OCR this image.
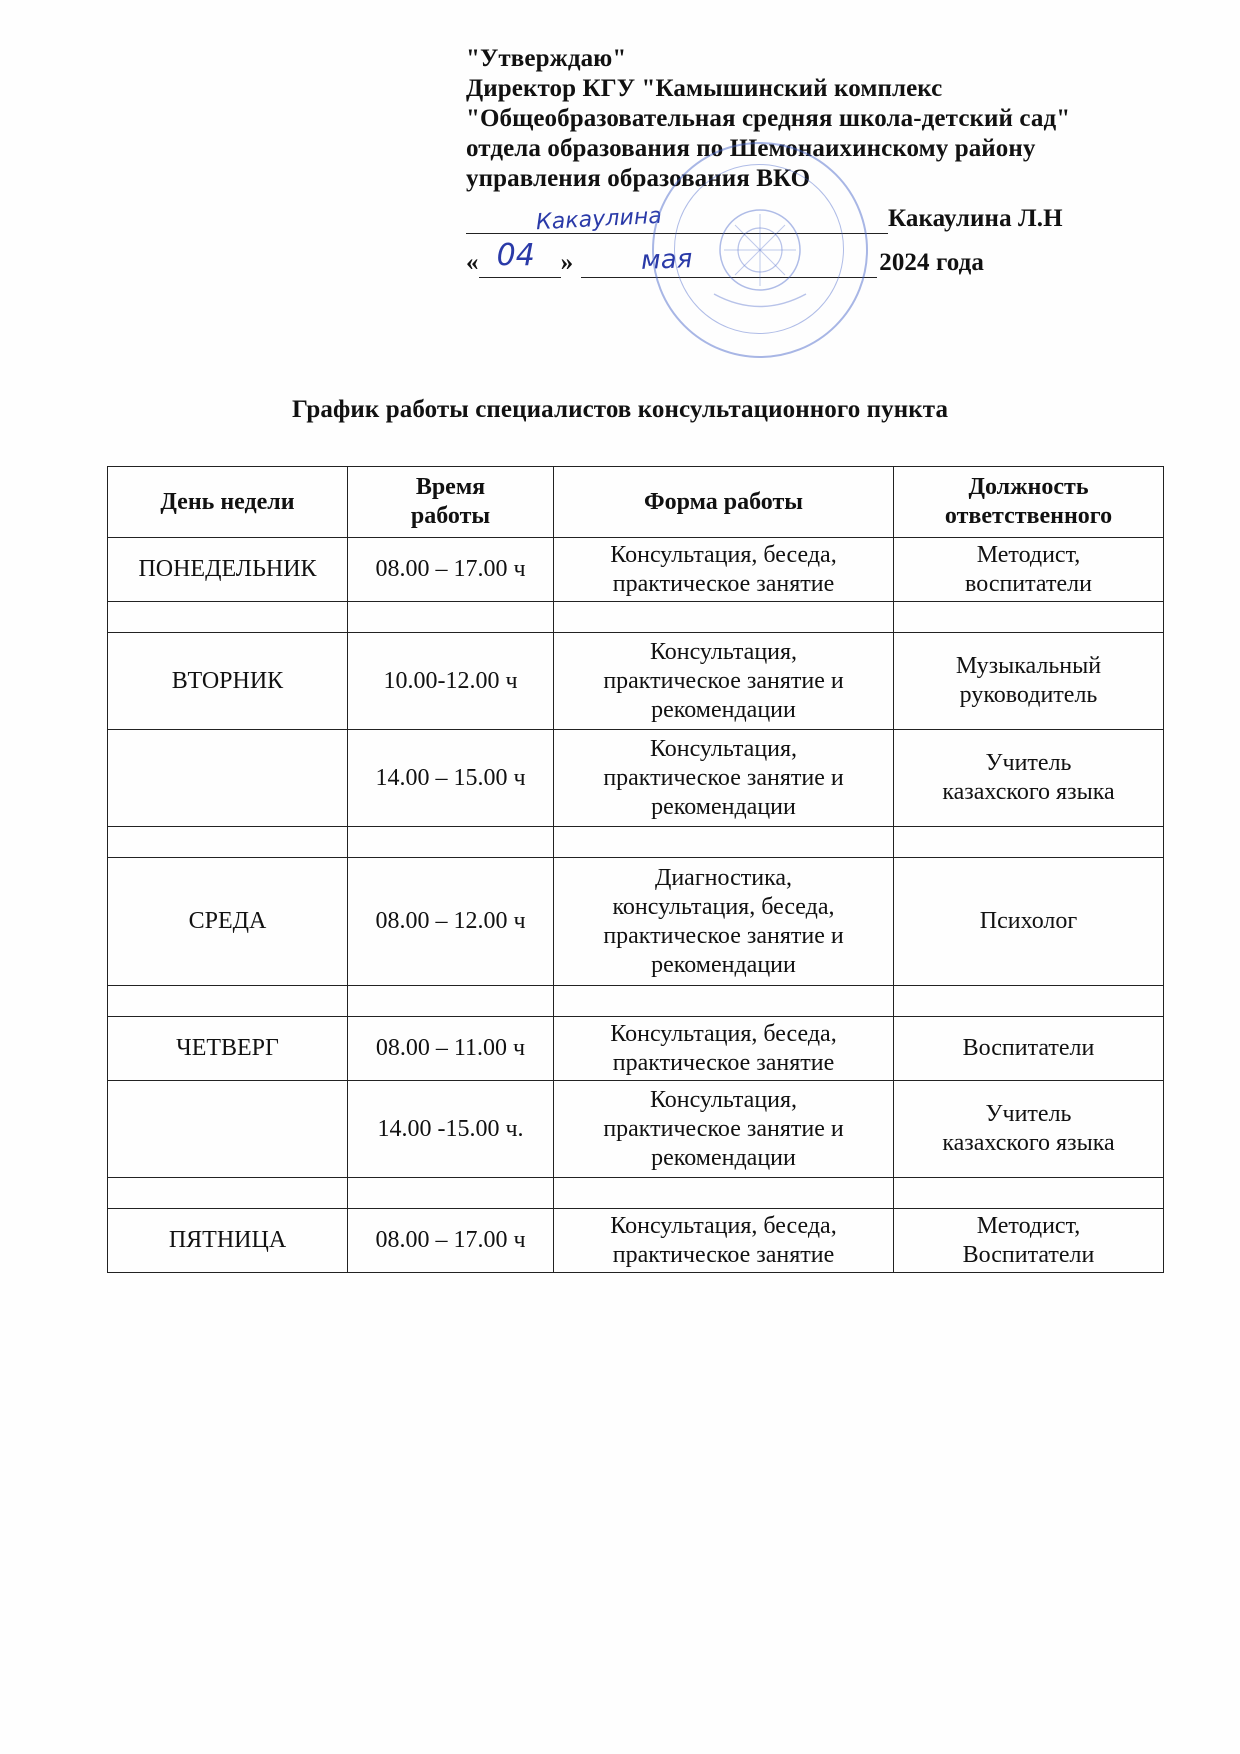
"Утверждаю"
Директор КГУ "Камышинский комплекс
"Общеобразовательная средняя школа-детский сад"
отдела образования по Шемонаихинскому району
управления образования ВКО
Какаулина	Какаулина Л.Н
« 04 »	мая	2024 года
График работы специалистов консультационного пункта
День недели	Время
работы	Форма работы	Должность
ответственного
ПОНЕДЕЛЬНИК	08.00 – 17.00 ч	Консультация, беседа,
практическое занятие	Методист,
воспитатели

ВТОРНИК	10.00-12.00 ч	Консультация,
практическое занятие и
рекомендации	Музыкальный
руководитель
	14.00 – 15.00 ч	Консультация,
практическое занятие и
рекомендации	Учитель
казахского языка

СРЕДА	08.00 – 12.00 ч	Диагностика,
консультация, беседа,
практическое занятие и
рекомендации	Психолог

ЧЕТВЕРГ	08.00 – 11.00 ч	Консультация, беседа,
практическое занятие	Воспитатели
	14.00 -15.00 ч.	Консультация,
практическое занятие и
рекомендации	Учитель
казахского языка

ПЯТНИЦА	08.00 – 17.00 ч	Консультация, беседа,
практическое занятие	Методист,
Воспитатели
